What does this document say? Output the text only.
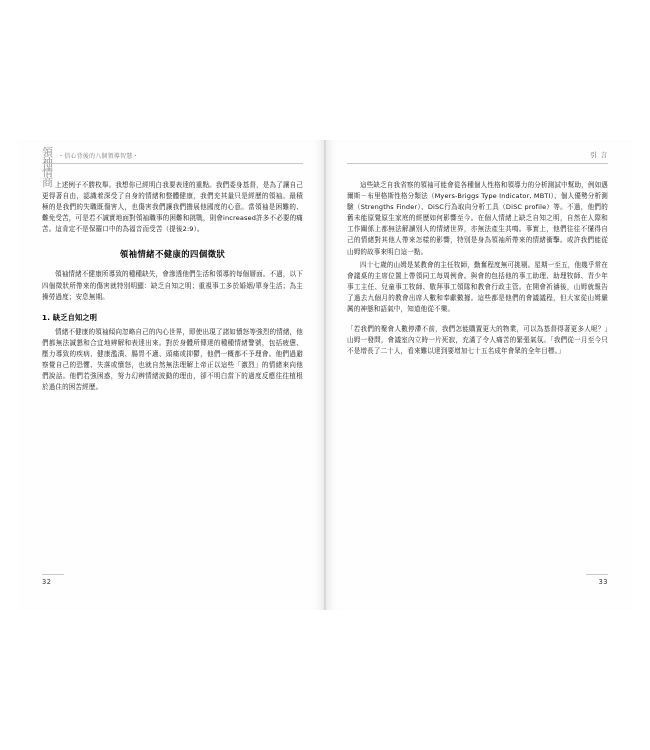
領袖情商
・信心背後的八個領導智慧・

上述例子不勝枚舉。我想你已經明白我要表達的重點。我們委身基督，是為了讓自己更得著自由，認識着深受了自身的情緒和整體健康，我們充其量只是經歷的領袖。最積極的是我們的失職既傷害人，也傷害我們讓我們擔展他國度的心意。當領袖是困難的、難免受苦，可是若不誠實地面對領袖職事的困難和挑戰，則會increased許多不必要的痛苦。這肯定不是保羅口中的為福音而受苦（提後2:9）。

領袖情緒不健康的四個徵狀

領袖情緒不健康所導致的種種缺失，會滲透他們生活和領導的每個層面。不過，以下四個徵狀所帶來的傷害就特別明顯：缺乏自知之明；重視事工多於婚姻/單身生活；為主操勞過度；安息無期。

1. 缺乏自知之明

情緒不健康的領袖傾向忽略自己的內心世界，即使出現了諸如憤怒等強烈的情緒，他們都無法誠懇和合宜地辨解和表達出來。對於身體所傳達的種種情緒警號，包括疲憊、壓力導致的疾病、健康濫潰、腸胃不適、頭痛或抑鬱，他們一概都不予理會。他們過避察覺自己的恐懼、失落或憤怒，也就自然無法理解上帝正以這些「激烈」的情緒來向他們說話。他們若強困惑，努力幻辨情緒波動的理由，卻不明白當下的過度反應往往植根於過住的困苦經歷。

32
引 言

這些缺乏自我省察的領袖可能會從各種個人性格和領導力的分析測試中幫助，例如邁爾斯－布里格斯性格分類法（Myers-Briggs Type Indicator, MBTI）、個人優勢分析測驗（Strengths Finder）、DiSC行為取向分析工具（DiSC profile）等。不過，他們的舊未能原覺原生家庭的經歷如何影響至今。在個人情緒上缺乏自知之明，自然在人際和工作關係上都無法解讀別人的情緒世界，亦無法產生共鳴。事實上，他們往往不懂得自己的情緒對其他人帶來怎樣的影響，特別是身為領袖所帶來的情緒衝擊。或許我們能從山姆的故事來明白這一點。

四十七歲的山姆是某教會的主任牧師，勤奮程度無可挑剔。星期一至五，他幾乎常在會議桌的主席位置上帶領同工每周例會。與會的包括他的事工助理、助理牧師、青少年事工主任、兒童事工牧師、敬拜事工領隊和教會行政主管。在開會祈禱後，山姆就報告了過去九個月的教會出席人數和奉獻數據。這些都是他們的會議議程，但大家從山姆嚴厲的神態和語氣中，知道他從不樂。

「若我們的聚會人數停滯不前，我們怎能購置更大的物業，可以為基督得著更多人呢？」山姆一發問，會議室內立時一片死寂，充滿了令人痛苦的緊張氣氛。「我們從一月至今只不是增長了二十人，看來難以達到要增加七十五名成年會眾的全年目標。」

33
